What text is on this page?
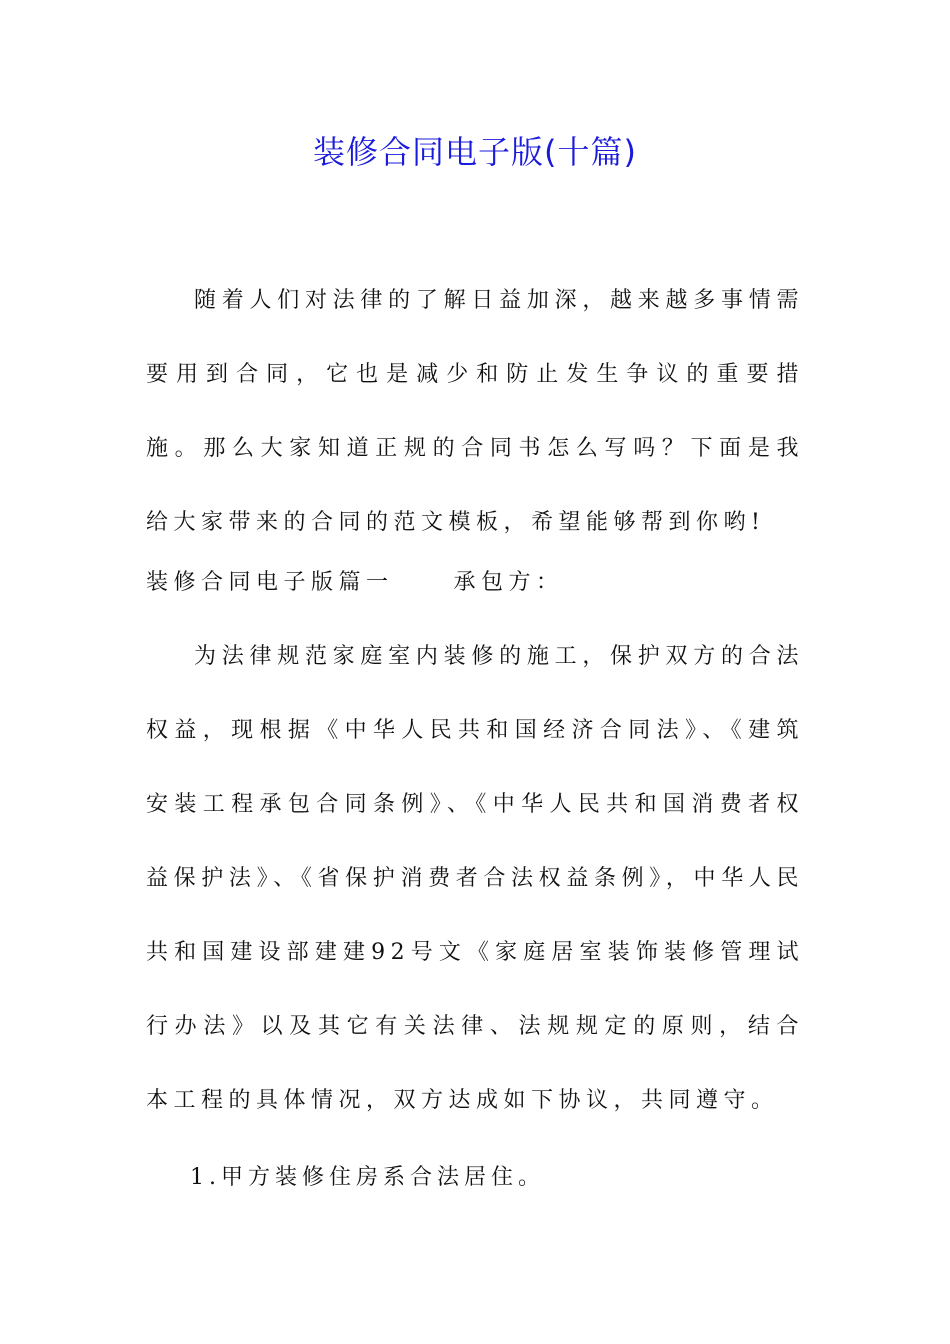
装修合同电子版(十篇)

随着人们对法律的了解日益加深，越来越多事情需要用到合同，它也是减少和防止发生争议的重要措施。那么大家知道正规的合同书怎么写吗？下面是我给大家带来的合同的范文模板，希望能够帮到你哟!

装修合同电子版篇一	承包方：

为法律规范家庭室内装修的施工，保护双方的合法权益，现根据《中华人民共和国经济合同法》、《建筑安装工程承包合同条例》、《中华人民共和国消费者权益保护法》、《省保护消费者合法权益条例》，中华人民共和国建设部建建92号文《家庭居室装饰装修管理试行办法》以及其它有关法律、法规规定的原则，结合本工程的具体情况，双方达成如下协议，共同遵守。

1.甲方装修住房系合法居住。
